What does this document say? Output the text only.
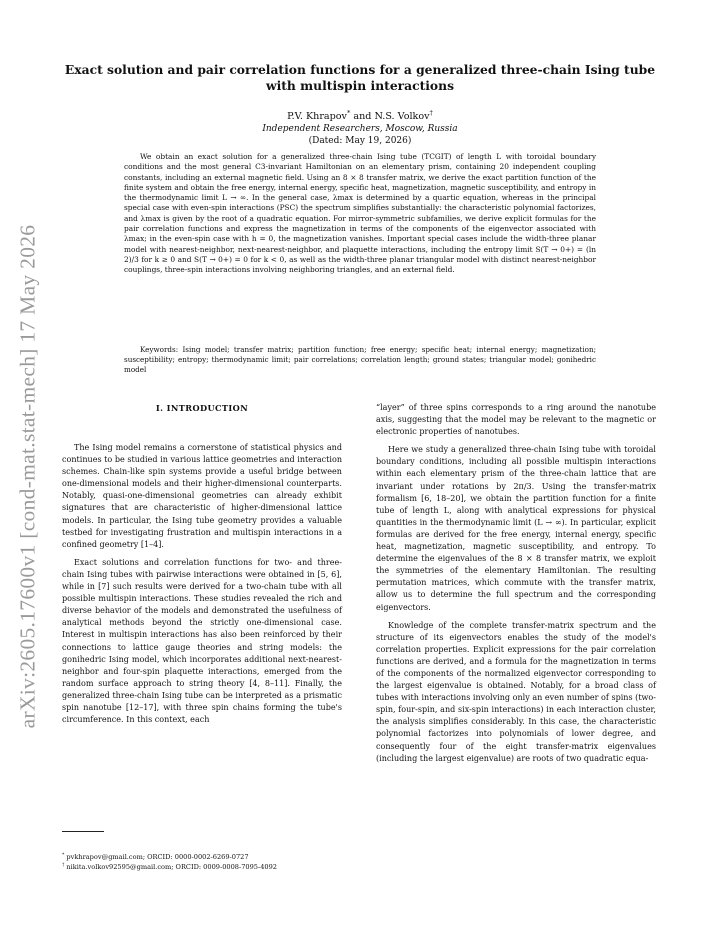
arXiv:2605.17600v1 [cond-mat.stat-mech] 17 May 2026
Exact solution and pair correlation functions for a generalized three-chain Ising tube
with multispin interactions
P.V. Khrapov* and N.S. Volkov†
Independent Researchers, Moscow, Russia
(Dated: May 19, 2026)

We obtain an exact solution for a generalized three-chain Ising tube (TCGIT) of length L with toroidal boundary conditions and the most general C3-invariant Hamiltonian on an elementary prism, containing 20 independent coupling constants, including an external magnetic field. Using an 8 × 8 transfer matrix, we derive the exact partition function of the finite system and obtain the free energy, internal energy, specific heat, magnetization, magnetic susceptibility, and entropy in the thermodynamic limit L → ∞. In the general case, λmax is determined by a quartic equation, whereas in the principal special case with even-spin interactions (PSC) the spectrum simplifies substantially: the characteristic polynomial factorizes, and λmax is given by the root of a quadratic equation. For mirror-symmetric subfamilies, we derive explicit formulas for the pair correlation functions and express the magnetization in terms of the components of the eigenvector associated with λmax; in the even-spin case with h = 0, the magnetization vanishes. Important special cases include the width-three planar model with nearest-neighbor, next-nearest-neighbor, and plaquette interactions, including the entropy limit S(T → 0+) = (ln 2)/3 for k ≥ 0 and S(T → 0+) = 0 for k < 0, as well as the width-three planar triangular model with distinct nearest-neighbor couplings, three-spin interactions involving neighboring triangles, and an external field.

Keywords: Ising model; transfer matrix; partition function; free energy; specific heat; internal energy; magnetization; susceptibility; entropy; thermodynamic limit; pair correlations; correlation length; ground states; triangular model; gonihedric model

I. INTRODUCTION

The Ising model remains a cornerstone of statistical physics and continues to be studied in various lattice geometries and interaction schemes. Chain-like spin systems provide a useful bridge between one-dimensional models and their higher-dimensional counterparts. Notably, quasi-one-dimensional geometries can already exhibit signatures that are characteristic of higher-dimensional lattice models. In particular, the Ising tube geometry provides a valuable testbed for investigating frustration and multispin interactions in a confined geometry [1–4].

Exact solutions and correlation functions for two- and three-chain Ising tubes with pairwise interactions were obtained in [5, 6], while in [7] such results were derived for a two-chain tube with all possible multispin interactions. These studies revealed the rich and diverse behavior of the models and demonstrated the usefulness of analytical methods beyond the strictly one-dimensional case. Interest in multispin interactions has also been reinforced by their connections to lattice gauge theories and string models: the gonihedric Ising model, which incorporates additional next-nearest-neighbor and four-spin plaquette interactions, emerged from the random surface approach to string theory [4, 8–11]. Finally, the generalized three-chain Ising tube can be interpreted as a prismatic spin nanotube [12–17], with three spin chains forming the tube's circumference. In this context, each

“layer” of three spins corresponds to a ring around the nanotube axis, suggesting that the model may be relevant to the magnetic or electronic properties of nanotubes.

Here we study a generalized three-chain Ising tube with toroidal boundary conditions, including all possible multispin interactions within each elementary prism of the three-chain lattice that are invariant under rotations by 2π/3. Using the transfer-matrix formalism [6, 18–20], we obtain the partition function for a finite tube of length L, along with analytical expressions for physical quantities in the thermodynamic limit (L → ∞). In particular, explicit formulas are derived for the free energy, internal energy, specific heat, magnetization, magnetic susceptibility, and entropy. To determine the eigenvalues of the 8 × 8 transfer matrix, we exploit the symmetries of the elementary Hamiltonian. The resulting permutation matrices, which commute with the transfer matrix, allow us to determine the full spectrum and the corresponding eigenvectors.

Knowledge of the complete transfer-matrix spectrum and the structure of its eigenvectors enables the study of the model's correlation properties. Explicit expressions for the pair correlation functions are derived, and a formula for the magnetization in terms of the components of the normalized eigenvector corresponding to the largest eigenvalue is obtained. Notably, for a broad class of tubes with interactions involving only an even number of spins (two-spin, four-spin, and six-spin interactions) in each interaction cluster, the analysis simplifies considerably. In this case, the characteristic polynomial factorizes into polynomials of lower degree, and consequently four of the eight transfer-matrix eigenvalues (including the largest eigenvalue) are roots of two quadratic equa-

* pvkhrapov@gmail.com; ORCID: 0000-0002-6269-0727
† nikita.volkov92595@gmail.com; ORCID: 0009-0008-7095-4092
